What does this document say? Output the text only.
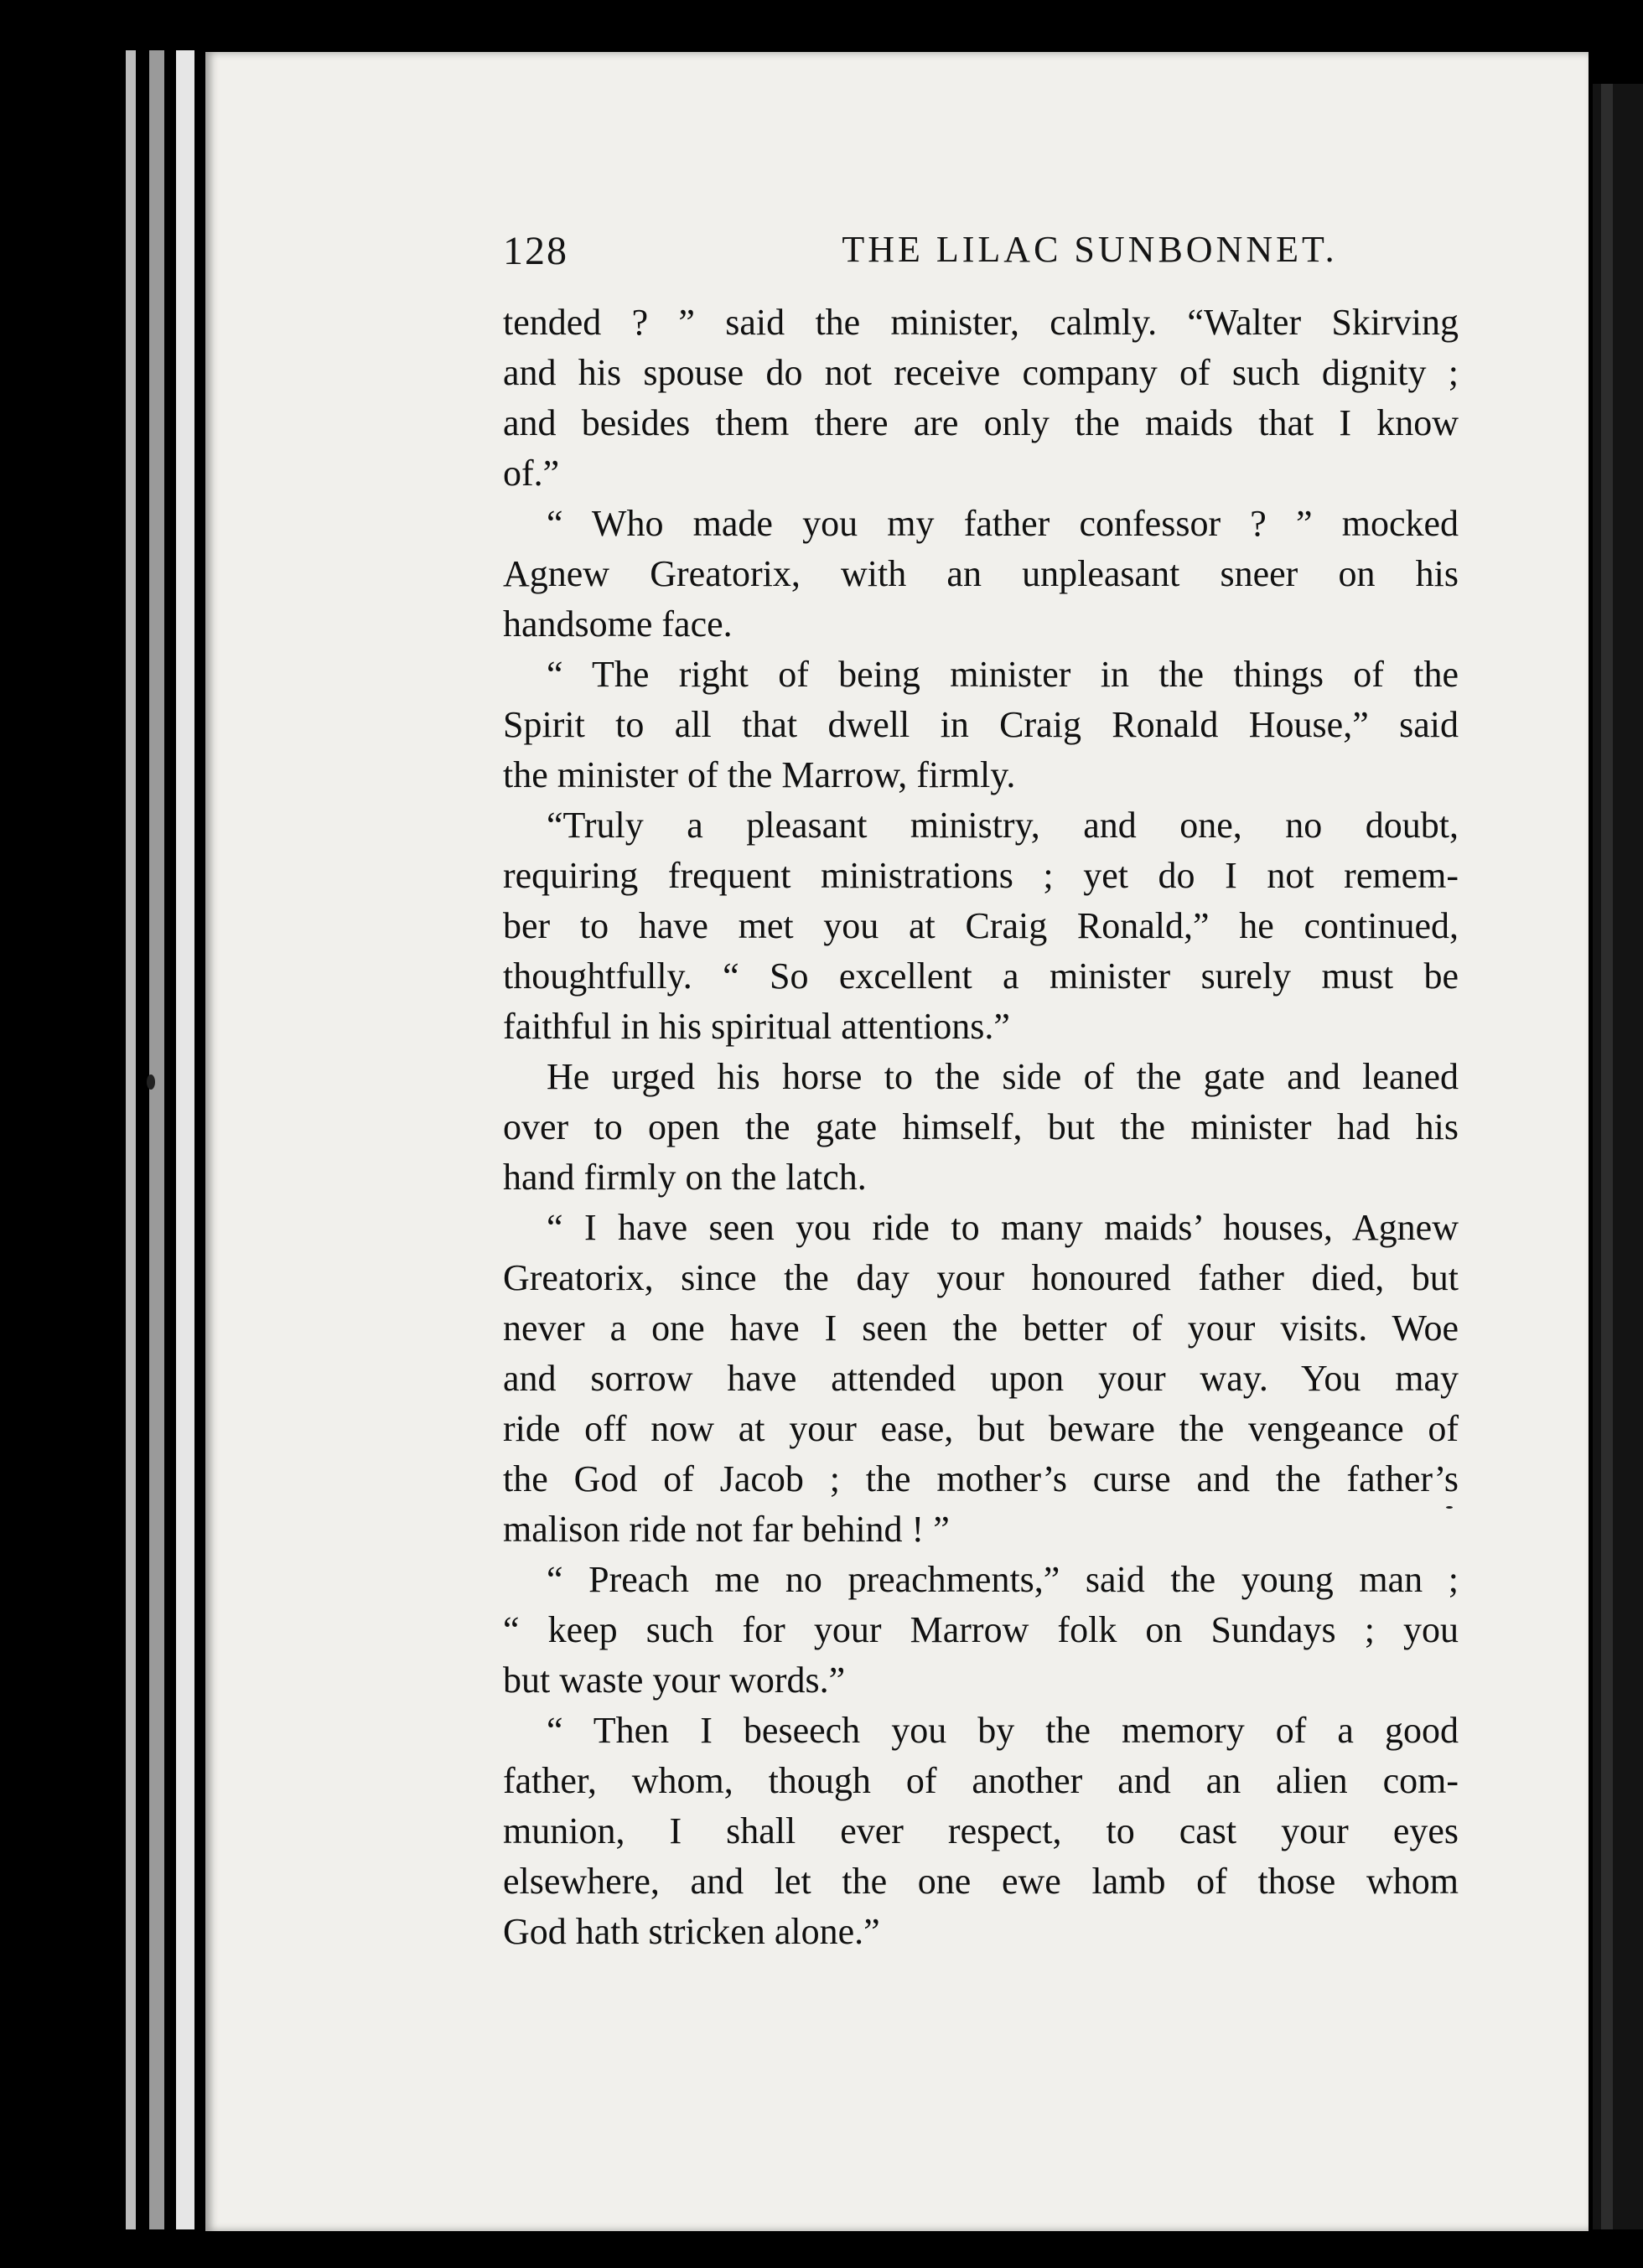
128	THE LILAC SUNBONNET.
tended ? ” said the minister, calmly. “Walter Skirving
and his spouse do not receive company of such dignity ;
and besides them there are only the maids that I know
of.”
“ Who made you my father confessor ? ” mocked
Agnew Greatorix, with an unpleasant sneer on his
handsome face.
“ The right of being minister in the things of the
Spirit to all that dwell in Craig Ronald House,” said
the minister of the Marrow, firmly.
“Truly a pleasant ministry, and one, no doubt,
requiring frequent ministrations ; yet do I not remem-
ber to have met you at Craig Ronald,” he continued,
thoughtfully. “ So excellent a minister surely must be
faithful in his spiritual attentions.”
He urged his horse to the side of the gate and leaned
over to open the gate himself, but the minister had his
hand firmly on the latch.
“ I have seen you ride to many maids’ houses, Agnew
Greatorix, since the day your honoured father died, but
never a one have I seen the better of your visits. Woe
and sorrow have attended upon your way. You may
ride off now at your ease, but beware the vengeance of
the God of Jacob ; the mother’s curse and the father’s
malison ride not far behind ! ”
“ Preach me no preachments,” said the young man ;
“ keep such for your Marrow folk on Sundays ; you
but waste your words.”
“ Then I beseech you by the memory of a good
father, whom, though of another and an alien com-
munion, I shall ever respect, to cast your eyes
elsewhere, and let the one ewe lamb of those whom
God hath stricken alone.”
